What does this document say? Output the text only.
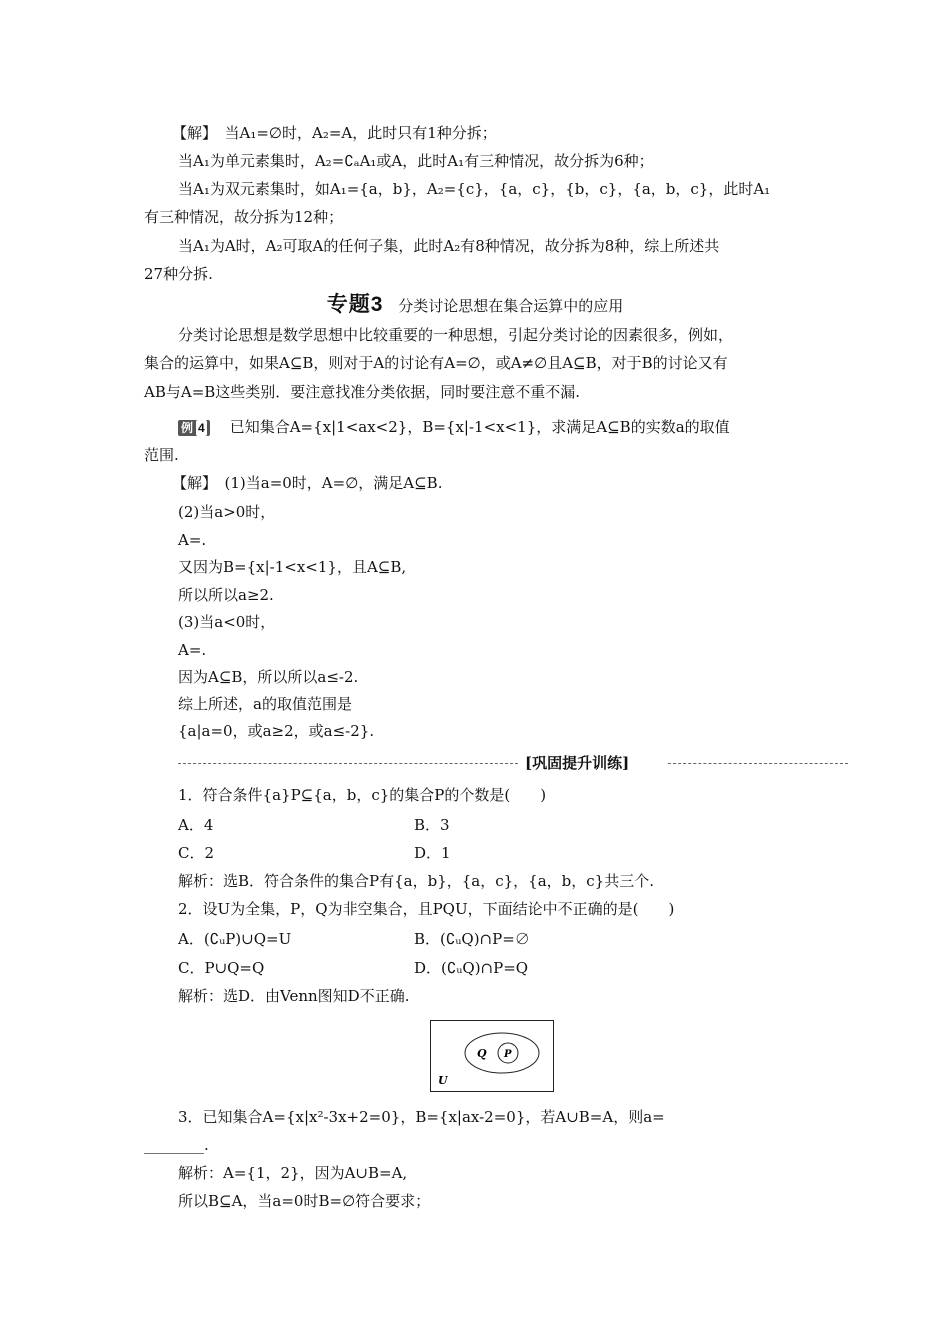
【解】　当A₁=∅时，A₂=A，此时只有1种分拆；
当A₁为单元素集时，A₂=∁ₐA₁或A，此时A₁有三种情况，故分拆为6种；
当A₁为双元素集时，如A₁={a，b}，A₂={c}，{a，c}，{b，c}，{a，b，c}，此时A₁
有三种情况，故分拆为12种；
当A₁为A时，A₂可取A的任何子集，此时A₂有8种情况，故分拆为8种，综上所述共
27种分拆.
专题3 分类讨论思想在集合运算中的应用
分类讨论思想是数学思想中比较重要的一种思想，引起分类讨论的因素很多，例如，
集合的运算中，如果A⊆B，则对于A的讨论有A=∅，或A≠∅且A⊆B，对于B的讨论又有
AB与A=B这些类别．要注意找准分类依据，同时要注意不重不漏.
例 4 已知集合A={x|1<ax<2}，B={x|-1<x<1}，求满足A⊆B的实数a的取值
范围.
【解】　(1)当a=0时，A=∅，满足A⊆B.
(2)当a>0时，
A=.
又因为B={x|-1<x<1}，且A⊆B,
所以所以a≥2.
(3)当a<0时，
A=.
因为A⊆B，所以所以a≤-2.
综上所述，a的取值范围是
{a|a=0，或a≥2，或a≤-2}.
[巩固提升训练]
1．符合条件{a}P⊆{a，b，c}的集合P的个数是(　　)
A．4	B．3
C．2	D．1
解析：选B．符合条件的集合P有{a，b}，{a，c}，{a，b，c}共三个.
2．设U为全集，P，Q为非空集合，且PQU，下面结论中不正确的是(　　)
A．(∁ᵤP)∪Q=U	B．(∁ᵤQ)∩P=∅
C．P∪Q=Q	D．(∁ᵤQ)∩P=Q
解析：选D．由Venn图知D不正确.
Q P
U
3．已知集合A={x|x²-3x+2=0}，B={x|ax-2=0}，若A∪B=A，则a=
________.
解析：A={1，2}，因为A∪B=A,
所以B⊆A，当a=0时B=∅符合要求；
